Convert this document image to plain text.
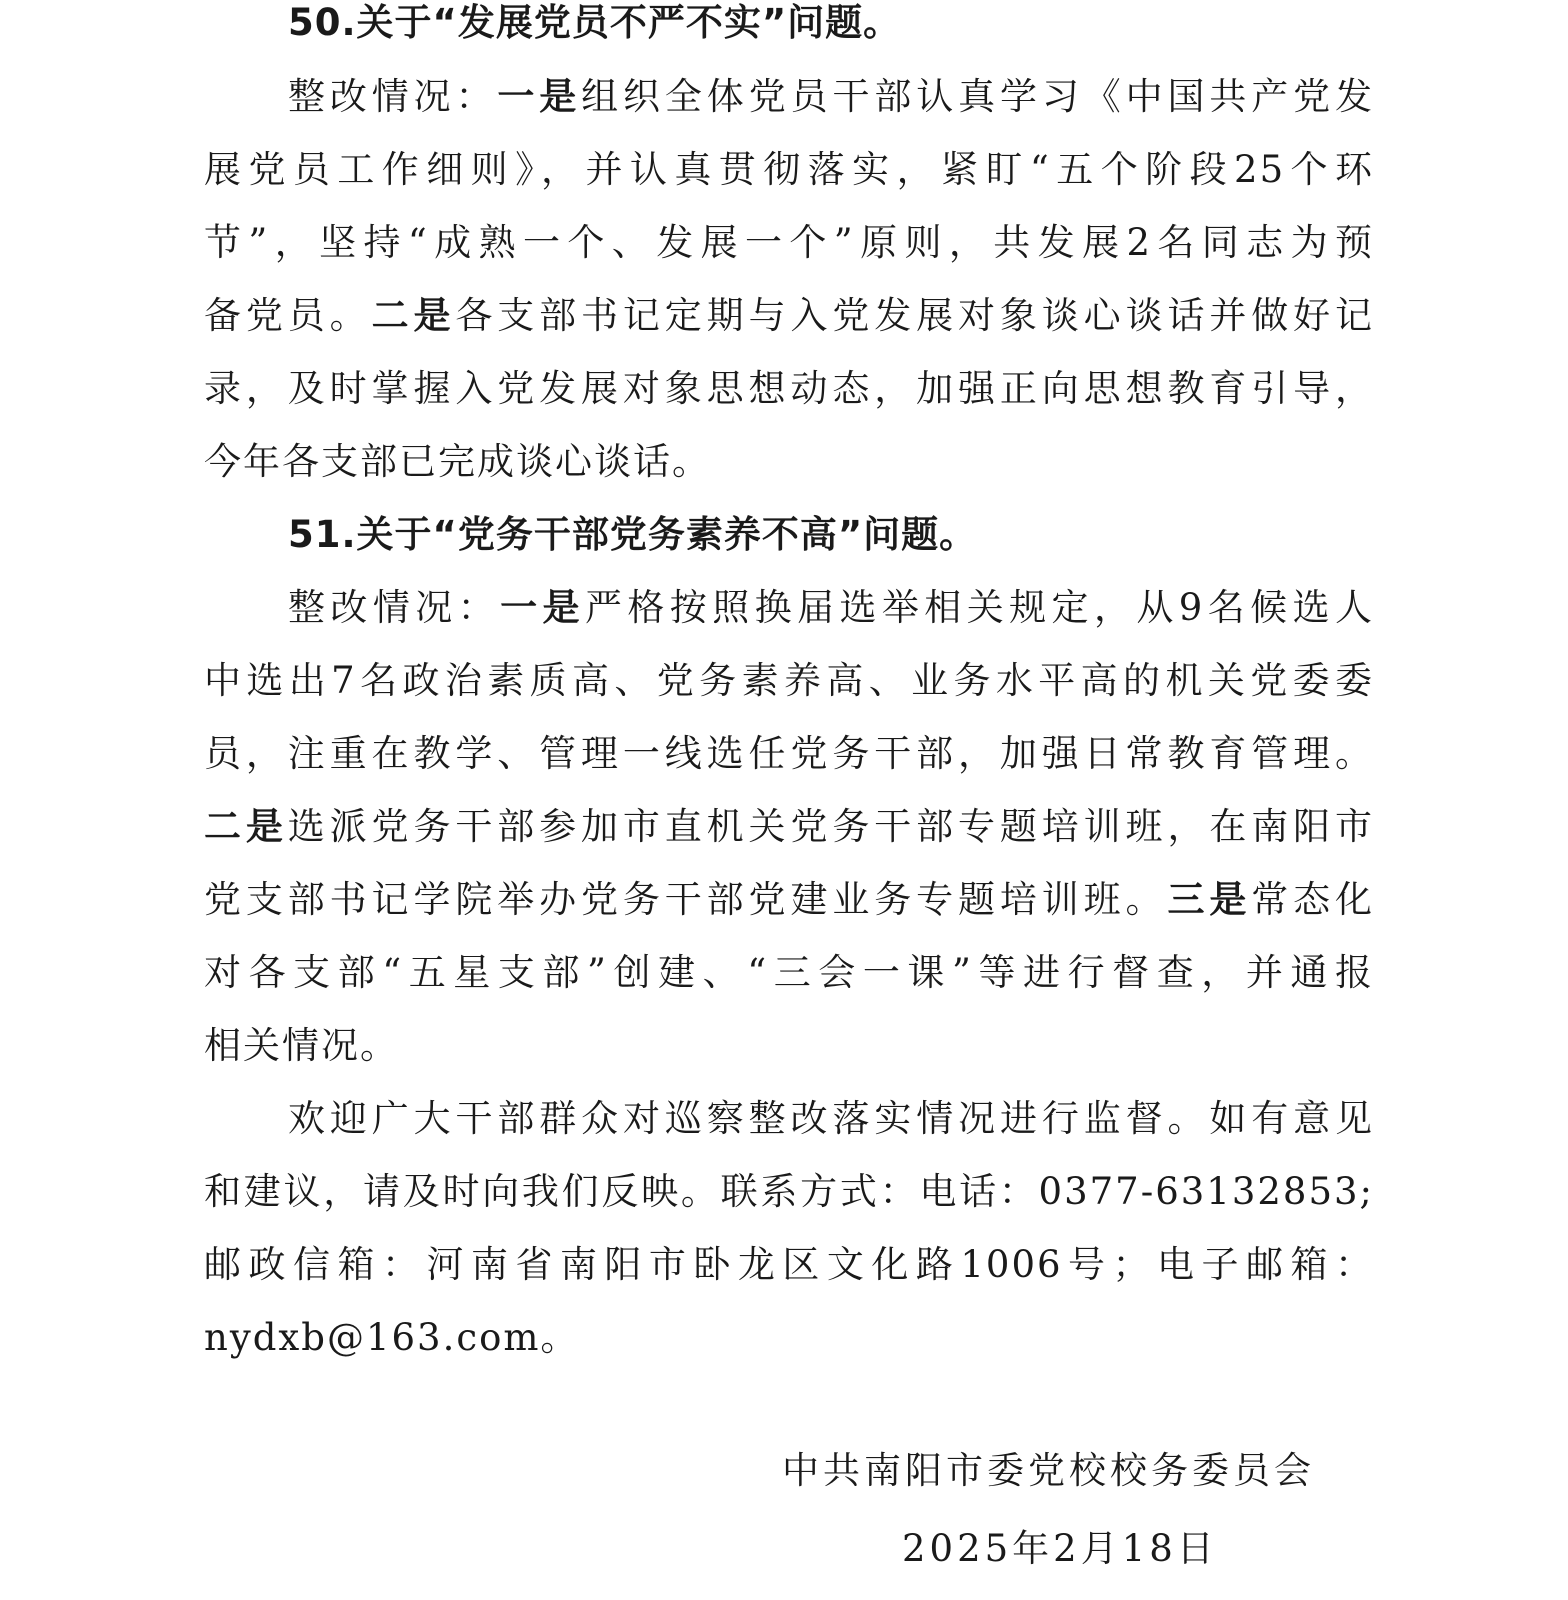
50.关于“发展党员不严不实”问题。
整改情况：一是组织全体党员干部认真学习《中国共产党发
展党员工作细则》，并认真贯彻落实，紧盯“五个阶段25个环
节”，坚持“成熟一个、发展一个”原则，共发展2名同志为预
备党员。二是各支部书记定期与入党发展对象谈心谈话并做好记
录，及时掌握入党发展对象思想动态，加强正向思想教育引导，
今年各支部已完成谈心谈话。
51.关于“党务干部党务素养不高”问题。
整改情况：一是严格按照换届选举相关规定，从9名候选人
中选出7名政治素质高、党务素养高、业务水平高的机关党委委
员，注重在教学、管理一线选任党务干部，加强日常教育管理。
二是选派党务干部参加市直机关党务干部专题培训班，在南阳市
党支部书记学院举办党务干部党建业务专题培训班。三是常态化
对各支部“五星支部”创建、“三会一课”等进行督查，并通报
相关情况。
欢迎广大干部群众对巡察整改落实情况进行监督。如有意见
和建议，请及时向我们反映。联系方式：电话：0377-63132853;
邮政信箱：河南省南阳市卧龙区文化路1006号；电子邮箱：
nydxb@163.com。
中共南阳市委党校校务委员会
2025年2月18日
